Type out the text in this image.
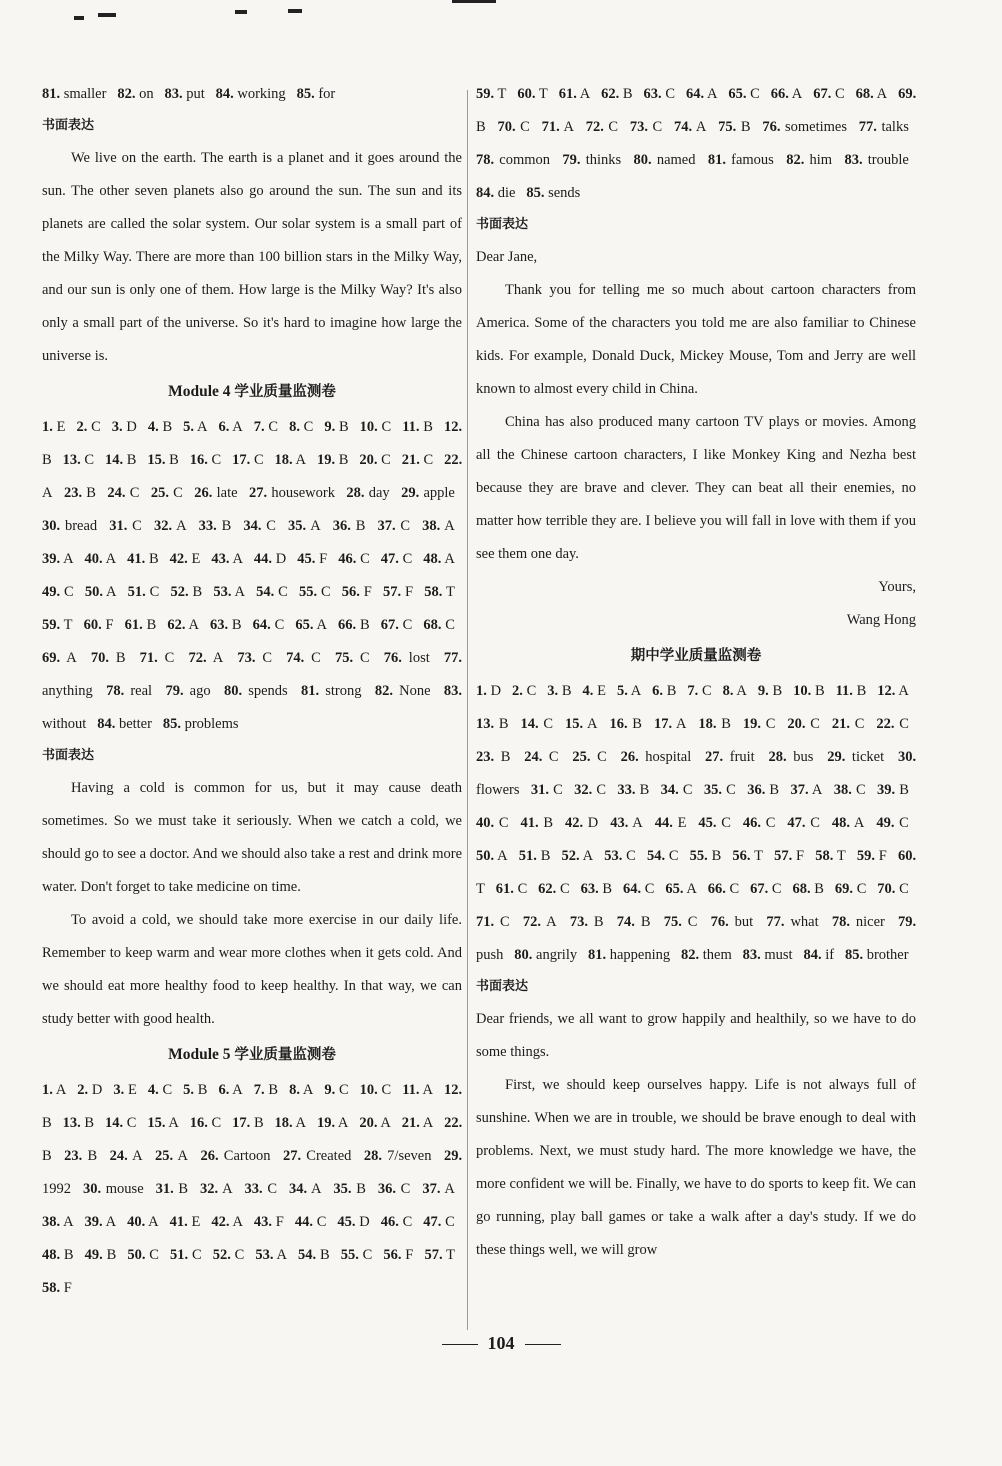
81. smaller  82. on  83. put  84. working  85. for

书面表达

We live on the earth. The earth is a planet and it goes around the sun. The other seven planets also go around the sun. The sun and its planets are called the solar system. Our solar system is a small part of the Milky Way. There are more than 100 billion stars in the Milky Way, and our sun is only one of them. How large is the Milky Way? It's also only a small part of the universe. So it's hard to imagine how large the universe is.

Module 4 学业质量监测卷

1. E  2. C  3. D  4. B  5. A  6. A  7. C  8. C  9. B  10. C  11. B  12. B  13. C  14. B  15. B  16. C  17. C  18. A  19. B  20. C  21. C  22. A  23. B  24. C  25. C  26. late  27. housework  28. day  29. apple  30. bread  31. C  32. A  33. B  34. C  35. A  36. B  37. C  38. A  39. A  40. A  41. B  42. E  43. A  44. D  45. F  46. C  47. C  48. A  49. C  50. A  51. C  52. B  53. A  54. C  55. C  56. F  57. F  58. T  59. T  60. F  61. B  62. A  63. B  64. C  65. A  66. B  67. C  68. C  69. A  70. B  71. C  72. A  73. C  74. C  75. C  76. lost  77. anything  78. real  79. ago  80. spends  81. strong  82. None  83. without  84. better  85. problems

书面表达

Having a cold is common for us, but it may cause death sometimes. So we must take it seriously. When we catch a cold, we should go to see a doctor. And we should also take a rest and drink more water. Don't forget to take medicine on time.

To avoid a cold, we should take more exercise in our daily life. Remember to keep warm and wear more clothes when it gets cold. And we should eat more healthy food to keep healthy. In that way, we can study better with good health.

Module 5 学业质量监测卷

1. A  2. D  3. E  4. C  5. B  6. A  7. B  8. A  9. C  10. C  11. A  12. B  13. B  14. C  15. A  16. C  17. B  18. A  19. A  20. A  21. A  22. B  23. B  24. A  25. A  26. Cartoon  27. Created  28. 7/seven  29. 1992  30. mouse  31. B  32. A  33. C  34. A  35. B  36. C  37. A  38. A  39. A  40. A  41. E  42. A  43. F  44. C  45. D  46. C  47. C  48. B  49. B  50. C  51. C  52. C  53. A  54. B  55. C  56. F  57. T  58. F

59. T  60. T  61. A  62. B  63. C  64. A  65. C  66. A  67. C  68. A  69. B  70. C  71. A  72. C  73. C  74. A  75. B  76. sometimes  77. talks  78. common  79. thinks  80. named  81. famous  82. him  83. trouble  84. die  85. sends

书面表达

Dear Jane,

Thank you for telling me so much about cartoon characters from America. Some of the characters you told me are also familiar to Chinese kids. For example, Donald Duck, Mickey Mouse, Tom and Jerry are well known to almost every child in China.

China has also produced many cartoon TV plays or movies. Among all the Chinese cartoon characters, I like Monkey King and Nezha best because they are brave and clever. They can beat all their enemies, no matter how terrible they are. I believe you will fall in love with them if you see them one day.

Yours,

Wang Hong

期中学业质量监测卷

1. D  2. C  3. B  4. E  5. A  6. B  7. C  8. A  9. B  10. B  11. B  12. A  13. B  14. C  15. A  16. B  17. A  18. B  19. C  20. C  21. C  22. C  23. B  24. C  25. C  26. hospital  27. fruit  28. bus  29. ticket  30. flowers  31. C  32. C  33. B  34. C  35. C  36. B  37. A  38. C  39. B  40. C  41. B  42. D  43. A  44. E  45. C  46. C  47. C  48. A  49. C  50. A  51. B  52. A  53. C  54. C  55. B  56. T  57. F  58. T  59. F  60. T  61. C  62. C  63. B  64. C  65. A  66. C  67. C  68. B  69. C  70. C  71. C  72. A  73. B  74. B  75. C  76. but  77. what  78. nicer  79. push  80. angrily  81. happening  82. them  83. must  84. if  85. brother

书面表达

Dear friends, we all want to grow happily and healthily, so we have to do some things.

First, we should keep ourselves happy. Life is not always full of sunshine. When we are in trouble, we should be brave enough to deal with problems. Next, we must study hard. The more knowledge we have, the more confident we will be. Finally, we have to do sports to keep fit. We can go running, play ball games or take a walk after a day's study. If we do these things well, we will grow

104
